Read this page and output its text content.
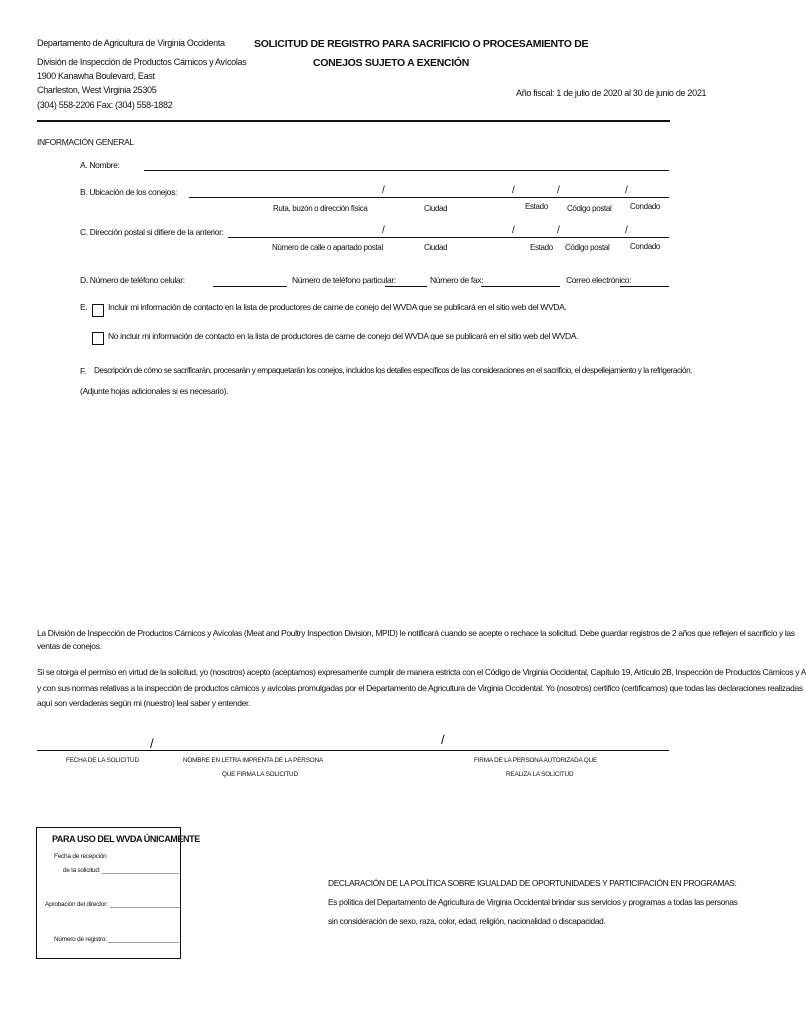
Departamento de Agricultura de Virginia Occidenta
División de Inspección de Productos Cárnicos y Avícolas
1900 Kanawha Boulevard, East
Charleston, West Virginia 25305
(304) 558-2206 Fax: (304) 558-1882
SOLICITUD DE REGISTRO PARA SACRIFICIO O PROCESAMIENTO DE
CONEJOS SUJETO A EXENCIÓN
Año fiscal: 1 de julio de 2020 al 30 de junio de 2021
INFORMACIÓN GENERAL
A. Nombre:
B. Ubicación de los conejos:	/	/	/	/
Ruta, buzón o dirección física	Ciudad	Estado Código postal Condado
C. Dirección postal si difiere de la anterior:	/	/	/	/
Número de calle o apartado postal	Ciudad	Estado Código postal	Condado
D. Número de teléfono celular:	Número de teléfono particular:	Número de fax:	Correo electrónico:
E. Incluir mi información de contacto en la lista de productores de carne de conejo del WVDA que se publicará en el sitio web del WVDA.
No incluir mi información de contacto en la lista de productores de carne de conejo del WVDA que se publicará en el sitio web del WVDA.
F. Descripción de cómo se sacrificarán, procesarán y empaquetarán los conejos, incluidos los detalles específicos de las consideraciones en el sacrificio, el despellejamiento y la refrigeración.
(Adjunte hojas adicionales si es necesario).
La División de Inspección de Productos Cárnicos y Avícolas (Meat and Poultry Inspection Division, MPID) le notificará cuando se acepte o rechace la solicitud. Debe guardar registros de 2 años que reflejen el sacrificio y las
ventas de conejos.
Si se otorga el permiso en virtud de la solicitud, yo (nosotros) acepto (aceptamos) expresamente cumplir de manera estricta con el Código de Virginia Occidental, Capítulo 19, Artículo 2B, Inspección de Productos Cárnicos y A
y con sus normas relativas a la inspección de productos cárnicos y avícolas promulgadas por el Departamento de Agricultura de Virginia Occidental. Yo (nosotros) certifico (certificamos) que todas las declaraciones realizadas
aquí son verdaderas según mi (nuestro) leal saber y entender.
/	/
FECHA DE LA SOLICITUD	NOMBRE EN LETRA IMPRENTA DE LA PERSONA
QUE FIRMA LA SOLICITUD
FIRMA DE LA PERSONA AUTORIZADA QUE
REALIZA LA SOLICITUD
PARA USO DEL WVDA ÚNICAMENTE
Fecha de recepción
de la solicitud: _______________________
Aprobación del director: _____________________
Número de registro: _____________________
DECLARACIÓN DE LA POLÍTICA SOBRE IGUALDAD DE OPORTUNIDADES Y PARTICIPACIÓN EN PROGRAMAS:
Es política del Departamento de Agricultura de Virginia Occidental brindar sus servicios y programas a todas las personas
sin consideración de sexo, raza, color, edad, religión, nacionalidad o discapacidad.
